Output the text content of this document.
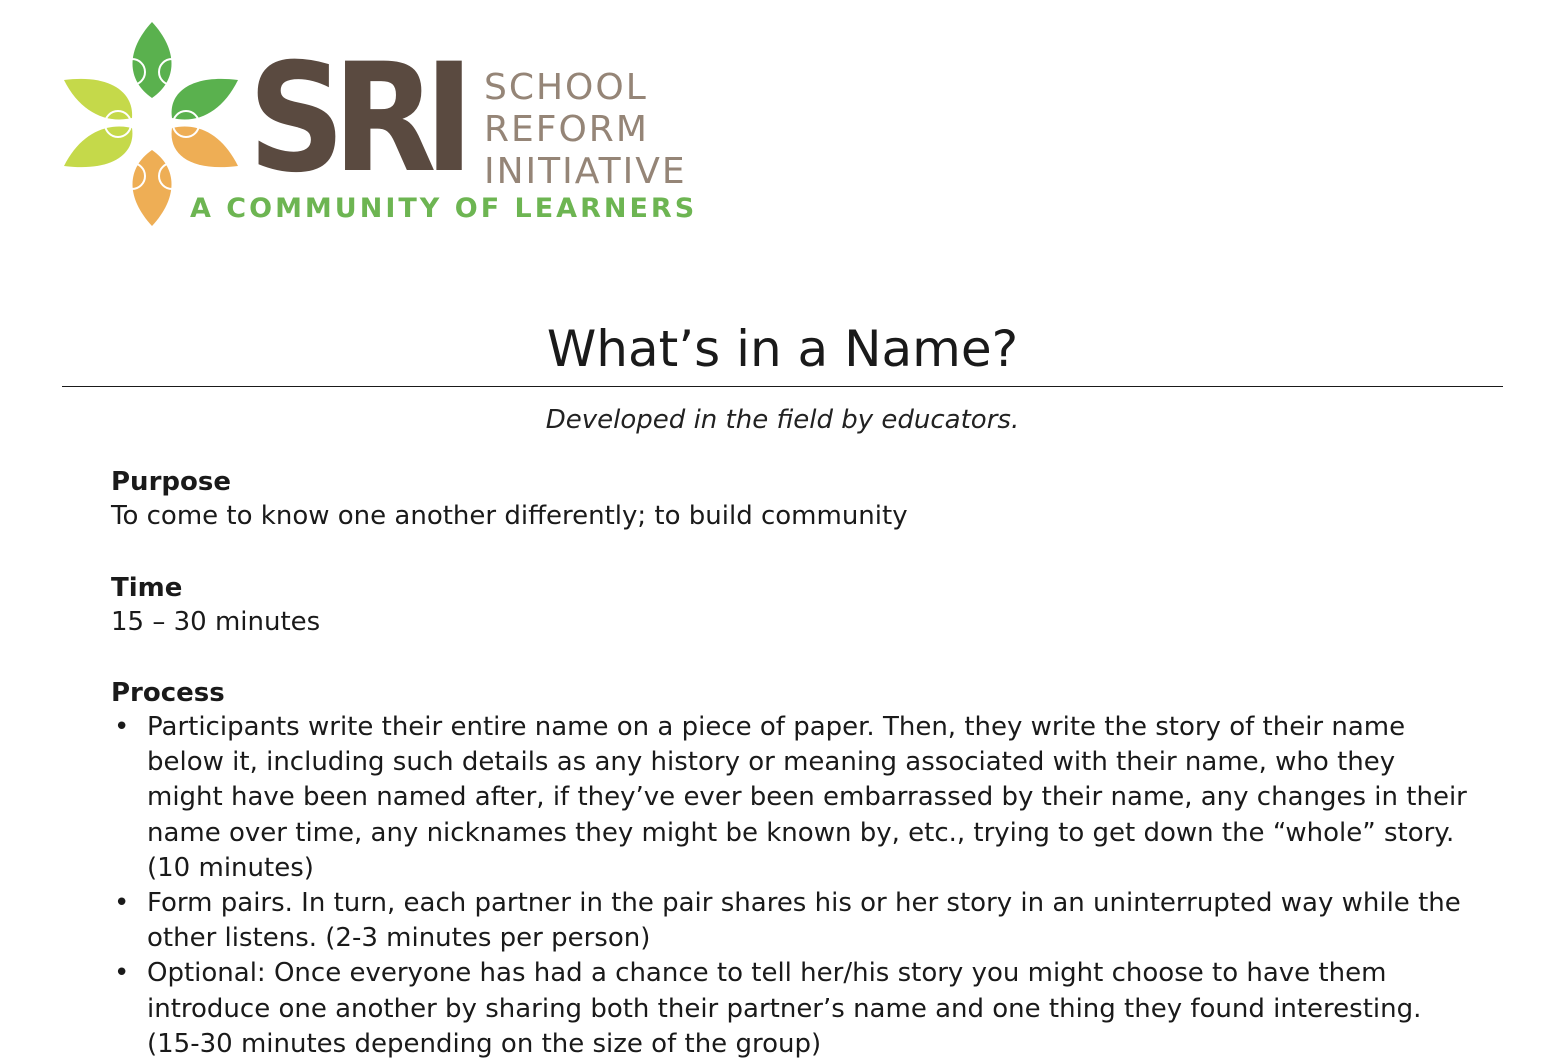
SRI SCHOOL
REFORM
INITIATIVE
A COMMUNITY OF LEARNERS
What’s in a Name?
Developed in the field by educators.
Purpose
To come to know one another differently; to build community
Time
15 – 30 minutes
Process
• Participants write their entire name on a piece of paper. Then, they write the story of their name below it, including such details as any history or meaning associated with their name, who they might have been named after, if they’ve ever been embarrassed by their name, any changes in their name over time, any nicknames they might be known by, etc., trying to get down the “whole” story. (10 minutes)
• Form pairs. In turn, each partner in the pair shares his or her story in an uninterrupted way while the other listens. (2-3 minutes per person)
• Optional: Once everyone has had a chance to tell her/his story you might choose to have them introduce one another by sharing both their partner’s name and one thing they found interesting. (15-30 minutes depending on the size of the group)
